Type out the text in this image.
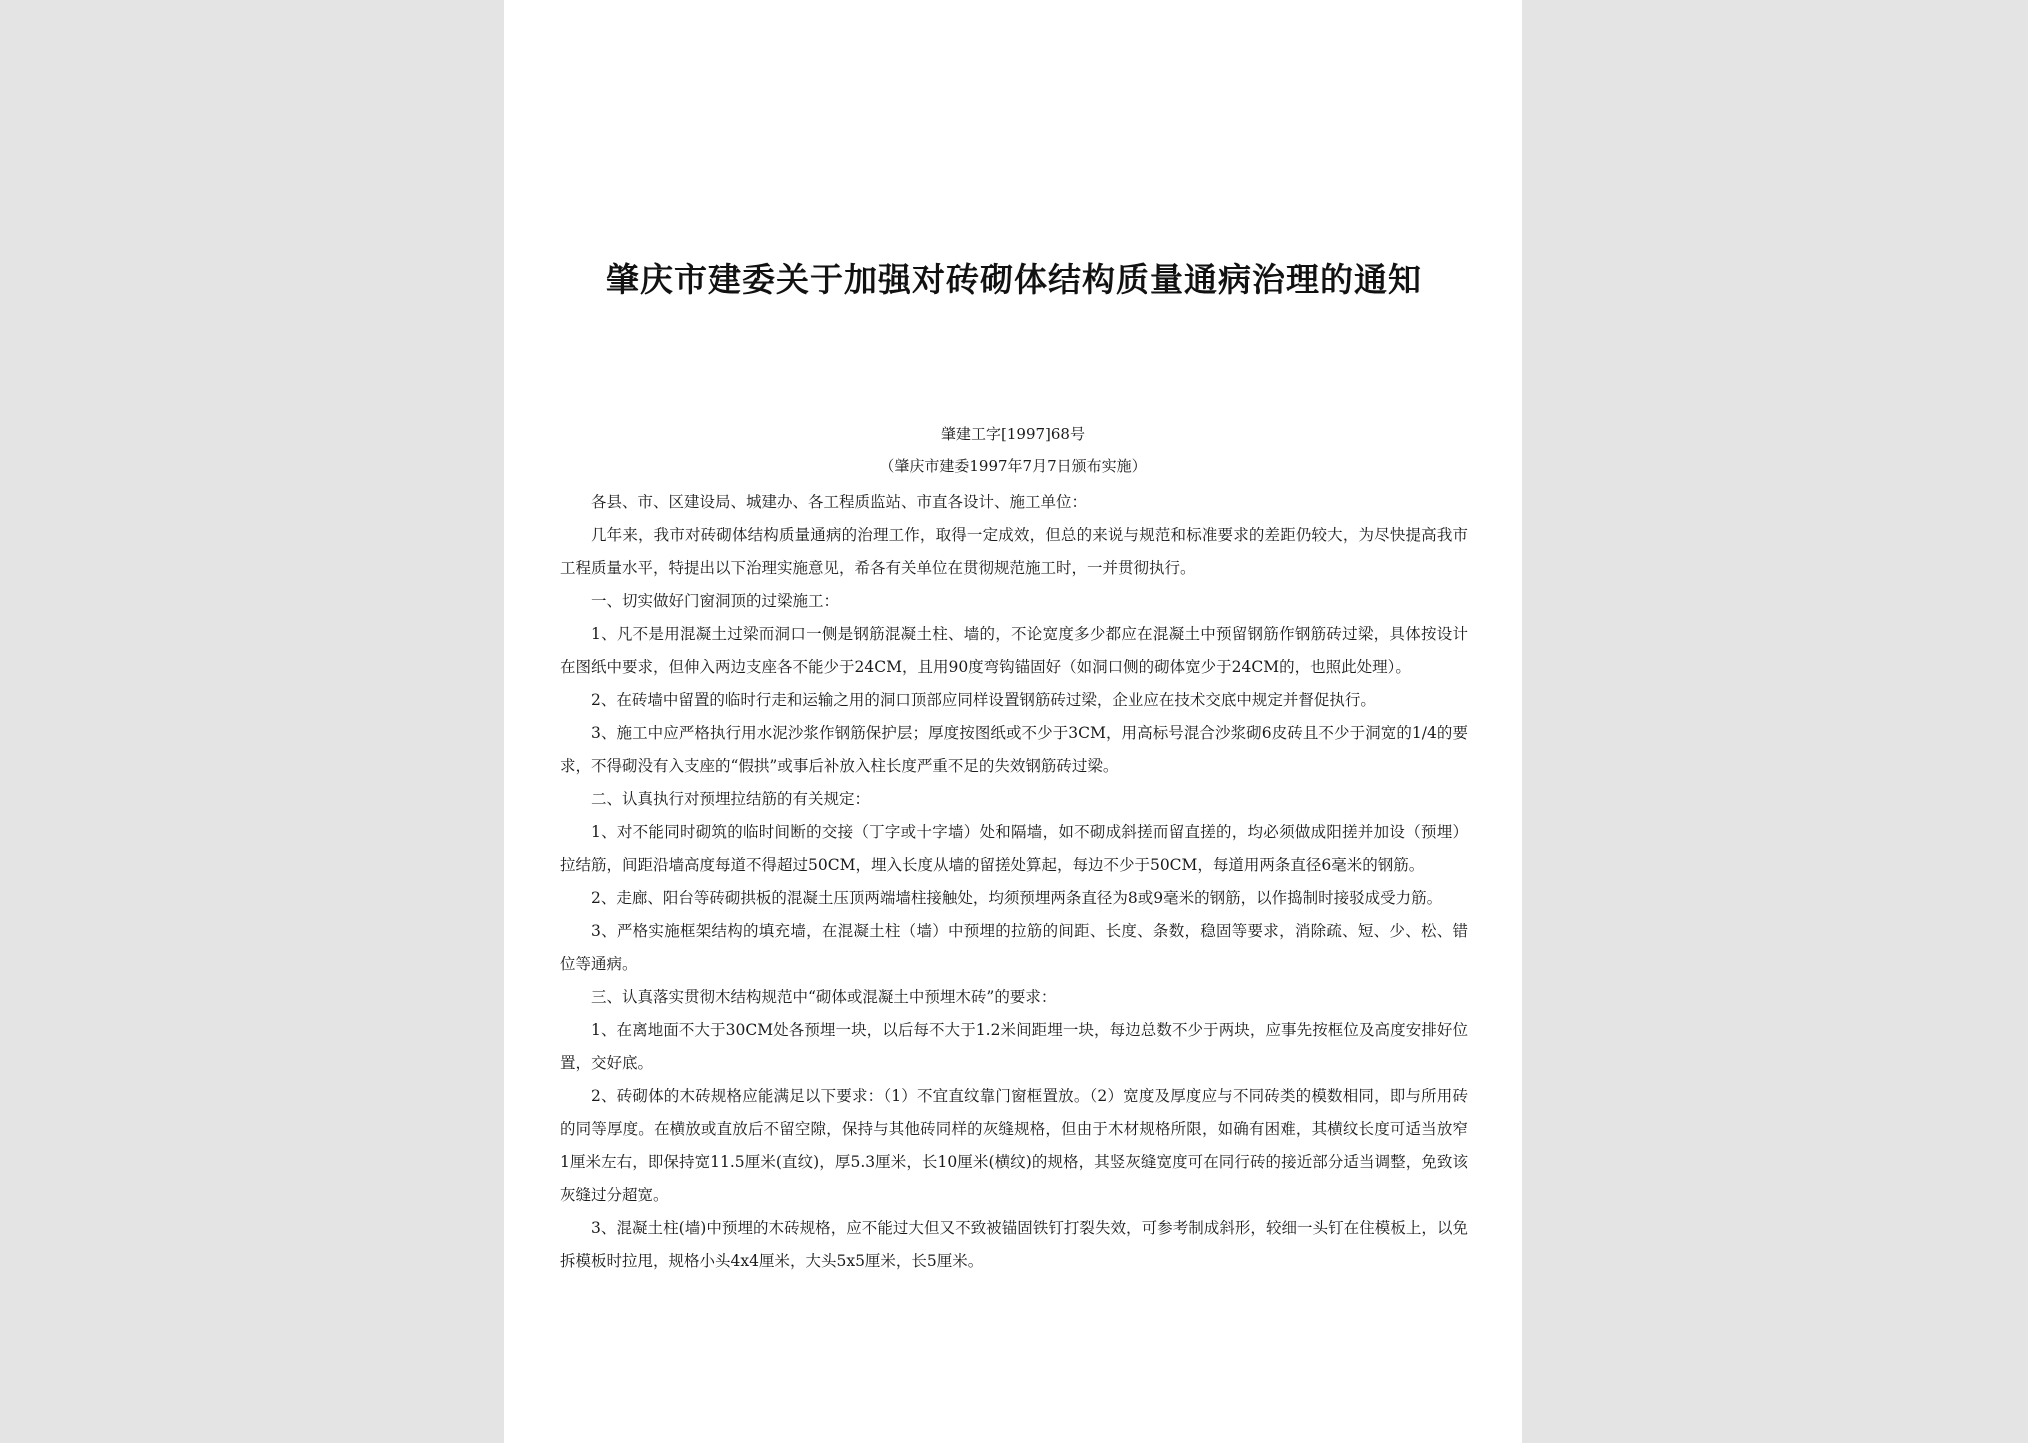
肇庆市建委关于加强对砖砌体结构质量通病治理的通知
肇建工字[1997]68号
（肇庆市建委1997年7月7日颁布实施）

各县、市、区建设局、城建办、各工程质监站、市直各设计、施工单位：

几年来，我市对砖砌体结构质量通病的治理工作，取得一定成效，但总的来说与规范和标准要求的差距仍较大，为尽快提高我市工程质量水平，特提出以下治理实施意见，希各有关单位在贯彻规范施工时，一并贯彻执行。

一、切实做好门窗洞顶的过梁施工：

1、凡不是用混凝土过梁而洞口一侧是钢筋混凝土柱、墙的，不论宽度多少都应在混凝土中预留钢筋作钢筋砖过梁，具体按设计在图纸中要求，但伸入两边支座各不能少于24CM，且用90度弯钩锚固好（如洞口侧的砌体宽少于24CM的，也照此处理）。

2、在砖墙中留置的临时行走和运输之用的洞口顶部应同样设置钢筋砖过梁，企业应在技术交底中规定并督促执行。

3、施工中应严格执行用水泥沙浆作钢筋保护层；厚度按图纸或不少于3CM，用高标号混合沙浆砌6皮砖且不少于洞宽的1/4的要求，不得砌没有入支座的“假拱”或事后补放入柱长度严重不足的失效钢筋砖过梁。

二、认真执行对预埋拉结筋的有关规定：

1、对不能同时砌筑的临时间断的交接（丁字或十字墙）处和隔墙，如不砌成斜搓而留直搓的，均必须做成阳搓并加设（预埋）拉结筋，间距沿墙高度每道不得超过50CM，埋入长度从墙的留搓处算起，每边不少于50CM，每道用两条直径6毫米的钢筋。

2、走廊、阳台等砖砌拱板的混凝土压顶两端墙柱接触处，均须预埋两条直径为8或9毫米的钢筋，以作捣制时接驳成受力筋。

3、严格实施框架结构的填充墙，在混凝土柱（墙）中预埋的拉筋的间距、长度、条数，稳固等要求，消除疏、短、少、松、错位等通病。

三、认真落实贯彻木结构规范中“砌体或混凝土中预埋木砖”的要求：

1、在离地面不大于30CM处各预埋一块，以后每不大于1.2米间距埋一块，每边总数不少于两块，应事先按框位及高度安排好位置，交好底。

2、砖砌体的木砖规格应能满足以下要求：（1）不宜直纹靠门窗框置放。（2）宽度及厚度应与不同砖类的模数相同，即与所用砖的同等厚度。在横放或直放后不留空隙，保持与其他砖同样的灰缝规格，但由于木材规格所限，如确有困难，其横纹长度可适当放窄1厘米左右，即保持宽11.5厘米(直纹)，厚5.3厘米，长10厘米(横纹)的规格，其竖灰缝宽度可在同行砖的接近部分适当调整，免致该灰缝过分超宽。

3、混凝土柱(墙)中预埋的木砖规格，应不能过大但又不致被锚固铁钉打裂失效，可参考制成斜形，较细一头钉在住模板上，以免拆模板时拉甩，规格小头4x4厘米，大头5x5厘米，长5厘米。
